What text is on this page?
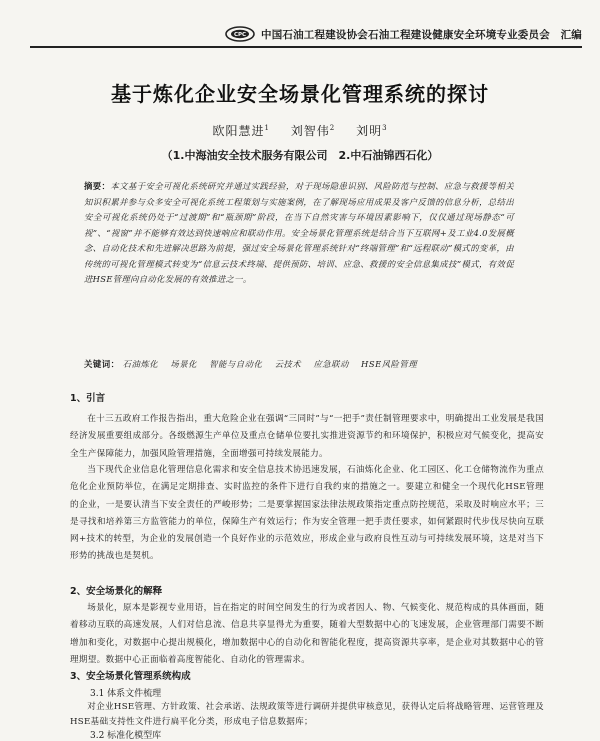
CPC 中国石油工程建设协会石油工程建设健康安全环境专业委员会　汇编
基于炼化企业安全场景化管理系统的探讨
欧阳慧进$^1$ 刘智伟$^2$ 刘明$^3$
（1.中海油安全技术服务有限公司　2.中石油锦西石化）
摘要：本文基于安全可视化系统研究并通过实践经验，对于现场隐患识别、风险防范与控制、应急与救援等相关知识积累并参与众多安全可视化系统工程策划与实施案例，在了解现场应用成果及客户反馈的信息分析，总结出安全可视化系统仍处于“过渡期”和“瓶颈期”阶段，在当下自然灾害与环境因素影响下，仅仅通过现场静态“可视”、“视窗”并不能够有效达到快速响应和联动作用。安全场景化管理系统是结合当下互联网+及工业4.0发展概念、自动化技术和先进解决思路为前提，强过安全场景化管理系统针对“终端管理”和“远程联动”模式的变革，由传统的可视化管理模式转变为“信息云技术终端、提供预防、培训、应急、救援的安全信息集成技”模式，有效促进HSE管理向自动化发展的有效推进之一。
关键词： 石油炼化 场景化 智能与自动化 云技术 应急联动 HSE风险管理
1、引言
在十三五政府工作报告指出，重大危险企业在强调“三同时”与“一把手”责任制管理要求中，明确提出工业发展是我国经济发展重要组成部分。各级燃源生产单位及重点仓储单位要扎实推进资源节约和环境保护，积极应对气候变化，提高安全生产保障能力，加强风险管理措施，全面增强可持续发展能力。
当下现代企业信息化管理信息化需求和安全信息技术协迅速发展，石油炼化企业、化工园区、化工仓储物流作为重点危化企业预防举位，在满足定期排查、实时监控的条件下进行自我约束的措施之一。要建立和健全一个现代化HSE管理的企业，一是要认清当下安全责任的严峻形势；二是要掌握国家法律法规政策指定重点防控规范，采取及时响应水平；三是寻找和培养第三方监管能力的单位，保障生产有效运行；作为安全管理一把手责任要求，如何紧跟时代步伐尽快向互联网+技术的转型，为企业的发展创造一个良好作业的示范效应，形成企业与政府良性互动与可持续发展环境，这是对当下形势的挑战也是契机。
2、安全场景化的解释
场景化，原本是影视专业用语，旨在指定的时间空间发生的行为或者因人、物、气候变化、规范构成的具体画面，随着移动互联的高速发展，人们对信息流、信息共享显得尤为重要，随着大型数据中心的飞速发展，企业管理部门需要不断增加和变化，对数据中心提出规模化，增加数据中心的自动化和智能化程度，提高资源共享率，是企业对其数据中心的管理期望。数据中心正面临着高度智能化、自动化的管理需求。
3、安全场景化管理系统构成
3.1 体系文件梳理
对企业HSE管理、方针政策、社会承诺、法规政策等进行调研并提供审核意见，获得认定后将战略管理、运营管理及HSE基础支持性文件进行扁平化分类，形成电子信息数据库；
3.2 标准化模型库
